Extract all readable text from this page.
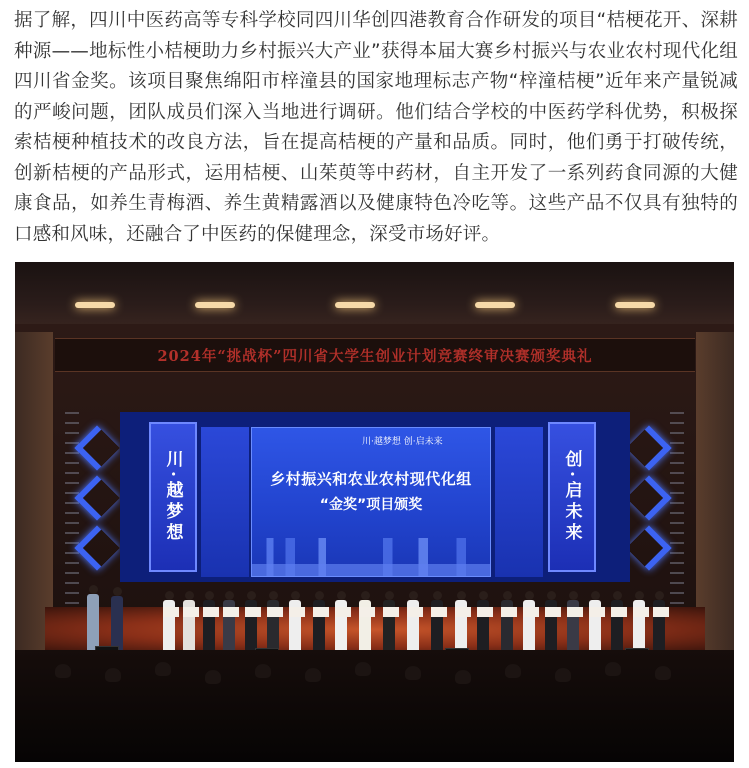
据了解，四川中医药高等专科学校同四川华创四港教育合作研发的项目“桔梗花开、深耕种源——地标性小桔梗助力乡村振兴大产业”获得本届大赛乡村振兴与农业农村现代化组四川省金奖。该项目聚焦绵阳市梓潼县的国家地理标志产物“梓潼桔梗”近年来产量锐减的严峻问题，团队成员们深入当地进行调研。他们结合学校的中医药学科优势，积极探索桔梗种植技术的改良方法，旨在提高桔梗的产量和品质。同时，他们勇于打破传统，创新桔梗的产品形式，运用桔梗、山茱萸等中药材，自主开发了一系列药食同源的大健康食品，如养生青梅酒、养生黄精露酒以及健康特色冷吃等。这些产品不仅具有独特的口感和风味，还融合了中医药的保健理念，深受市场好评。

2024年“挑战杯”四川省大学生创业计划竞赛终审决赛颁奖典礼
川·越梦想	创·启未来
川·越梦想 创·启未来
乡村振兴和农业农村现代化组
“金奖”项目颁奖
